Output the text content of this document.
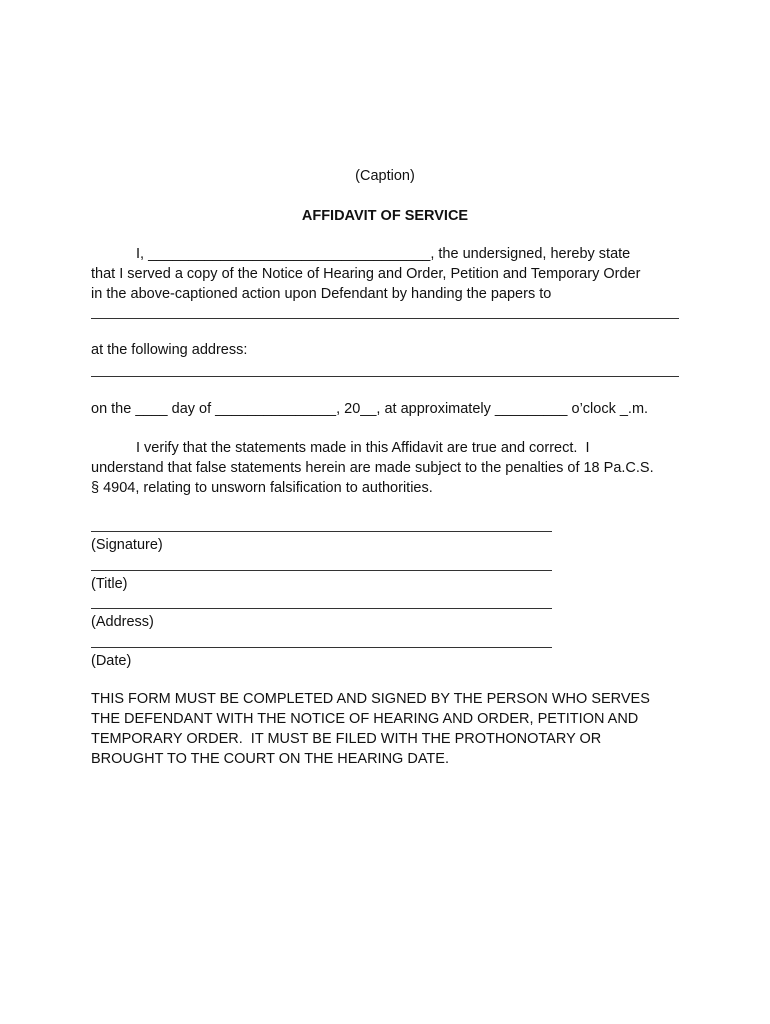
(Caption)
AFFIDAVIT OF SERVICE
I, ___________________________________, the undersigned, hereby state
that I served a copy of the Notice of Hearing and Order, Petition and Temporary Order
in the above-captioned action upon Defendant by handing the papers to
at the following address:
on the ____ day of _______________, 20__, at approximately _________ o’clock _.m.
I verify that the statements made in this Affidavit are true and correct.  I
understand that false statements herein are made subject to the penalties of 18 Pa.C.S.
§ 4904, relating to unsworn falsification to authorities.
(Signature)
(Title)
(Address)
(Date)
THIS FORM MUST BE COMPLETED AND SIGNED BY THE PERSON WHO SERVES
THE DEFENDANT WITH THE NOTICE OF HEARING AND ORDER, PETITION AND
TEMPORARY ORDER.  IT MUST BE FILED WITH THE PROTHONOTARY OR
BROUGHT TO THE COURT ON THE HEARING DATE.
